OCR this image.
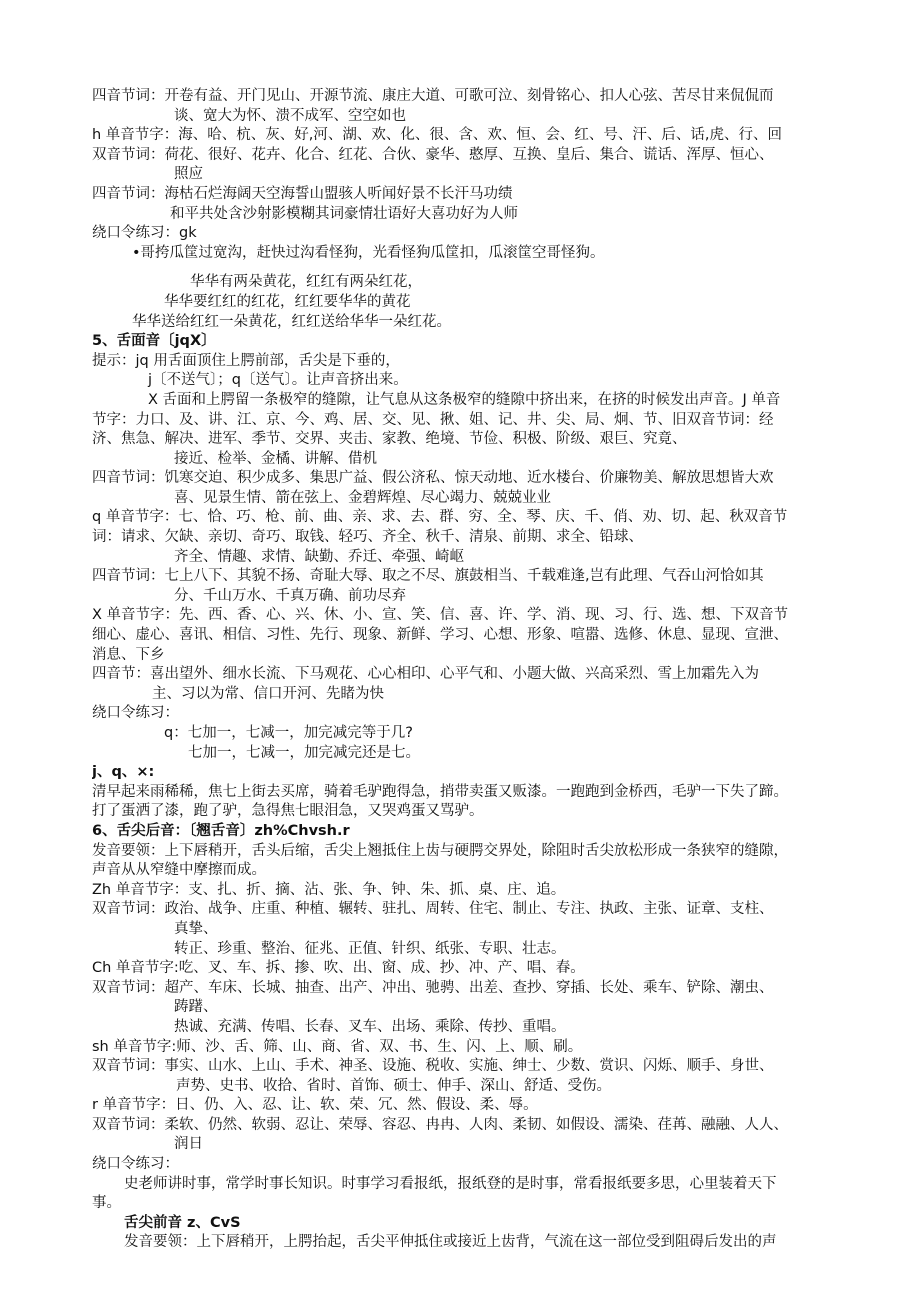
四音节词：开卷有益、开门见山、开源节流、康庄大道、可歌可泣、刻骨铭心、扣人心弦、苦尽甘来侃侃而
谈、宽大为怀、溃不成军、空空如也
h 单音节字：海、哈、杭、灰、好,河、湖、欢、化、很、含、欢、恒、会、红、号、汗、后、话,虎、行、回
双音节词：荷花、很好、花卉、化合、红花、合伙、豪华、憨厚、互换、皇后、集合、谎话、浑厚、恒心、
照应
四音节词：海枯石烂海阔天空海誓山盟骇人听闻好景不长汗马功绩
和平共处含沙射影模糊其词豪情壮语好大喜功好为人师
绕口令练习：gk
•哥挎瓜筐过宽沟，赶快过沟看怪狗，光看怪狗瓜筐扣，瓜滚筐空哥怪狗。
华华有两朵黄花，红红有两朵红花，
华华要红红的红花，红红要华华的黄花
华华送给红红一朵黄花，红红送给华华一朵红花。
5、舌面音〔jqX〕
提示：jq 用舌面顶住上腭前部，舌尖是下垂的，
j〔不送气〕；q〔送气〕。让声音挤出来。
X 舌面和上腭留一条极窄的缝隙，让气息从这条极窄的缝隙中挤出来，在挤的时候发出声音。J 单音
节字：力口、及、讲、江、京、今、鸡、居、交、见、揪、姐、记、井、尖、局、炯、节、旧双音节词：经
济、焦急、解决、进军、季节、交界、夹击、家教、绝境、节俭、积极、阶级、艰巨、究竟、
接近、检举、金橘、讲解、借机
四音节词：饥寒交迫、积少成多、集思广益、假公济私、惊天动地、近水楼台、价廉物美、解放思想皆大欢
喜、见景生情、箭在弦上、金碧辉煌、尽心竭力、兢兢业业
q 单音节字：七、恰、巧、枪、前、曲、亲、求、去、群、穷、全、琴、庆、千、俏、劝、切、起、秋双音节
词：请求、欠缺、亲切、奇巧、取钱、轻巧、齐全、秋千、清泉、前期、求全、铅球、
齐全、情趣、求情、缺勤、乔迁、牵强、崎岖
四音节词：七上八下、其貌不扬、奇耻大辱、取之不尽、旗鼓相当、千载难逢,岂有此理、气吞山河恰如其
分、千山万水、千真万确、前功尽弃
X 单音节字：先、西、香、心、兴、休、小、宣、笑、信、喜、许、学、消、现、习、行、选、想、下双音节
细心、虚心、喜讯、相信、习性、先行、现象、新鲜、学习、心想、形象、喧嚣、选修、休息、显现、宣泄、
消息、下乡
四音节：喜出望外、细水长流、下马观花、心心相印、心平气和、小题大做、兴高采烈、雪上加霜先入为
主、习以为常、信口开河、先睹为快
绕口令练习：
q：七加一，七减一，加完减完等于几?
七加一，七减一，加完减完还是七。
j、q、×:
清早起来雨稀稀，焦七上街去买席，骑着毛驴跑得急，捎带卖蛋又贩漆。一跑跑到金桥西，毛驴一下失了蹄。
打了蛋洒了漆，跑了驴，急得焦七眼泪急，又哭鸡蛋又骂驴。
6、舌尖后音：〔翘舌音〕zh%Chvsh.r
发音要领：上下唇稍开，舌头后缩，舌尖上翘抵住上齿与硬腭交界处，除阻时舌尖放松形成一条狭窄的缝隙，
声音从从窄缝中摩擦而成。
Zh 单音节字：支、扎、折、摘、沾、张、争、钟、朱、抓、桌、庄、追。
双音节词：政治、战争、庄重、种植、辗转、驻扎、周转、住宅、制止、专注、执政、主张、证章、支柱、
真挚、
转正、珍重、整治、征兆、正值、针织、纸张、专职、壮志。
Ch 单音节字:吃、叉、车、拆、掺、吹、出、窗、成、抄、冲、产、唱、春。
双音节词：超产、车床、长城、抽查、出产、冲出、驰骋、出差、查抄、穿插、长处、乘车、铲除、潮虫、
踌躇、
热诚、充满、传唱、长春、叉车、出场、乘除、传抄、重唱。
sh 单音节字:师、沙、舌、筛、山、商、省、双、书、生、闪、上、顺、刷。
双音节词：事实、山水、上山、手术、神圣、设施、税收、实施、绅士、少数、赏识、闪烁、顺手、身世、
声势、史书、收拾、省时、首饰、硕士、伸手、深山、舒适、受伤。
r 单音节字：日、仍、入、忍、让、软、荣、冗、然、假设、柔、辱。
双音节词：柔软、仍然、软弱、忍让、荣辱、容忍、冉冉、人肉、柔韧、如假设、濡染、荏苒、融融、人人、
润日
绕口令练习：
史老师讲时事，常学时事长知识。时事学习看报纸，报纸登的是时事，常看报纸要多思，心里装着天下
事。
舌尖前音 z、CvS
发音要领：上下唇稍开，上腭抬起，舌尖平伸抵住或接近上齿背，气流在这一部位受到阻碍后发出的声
